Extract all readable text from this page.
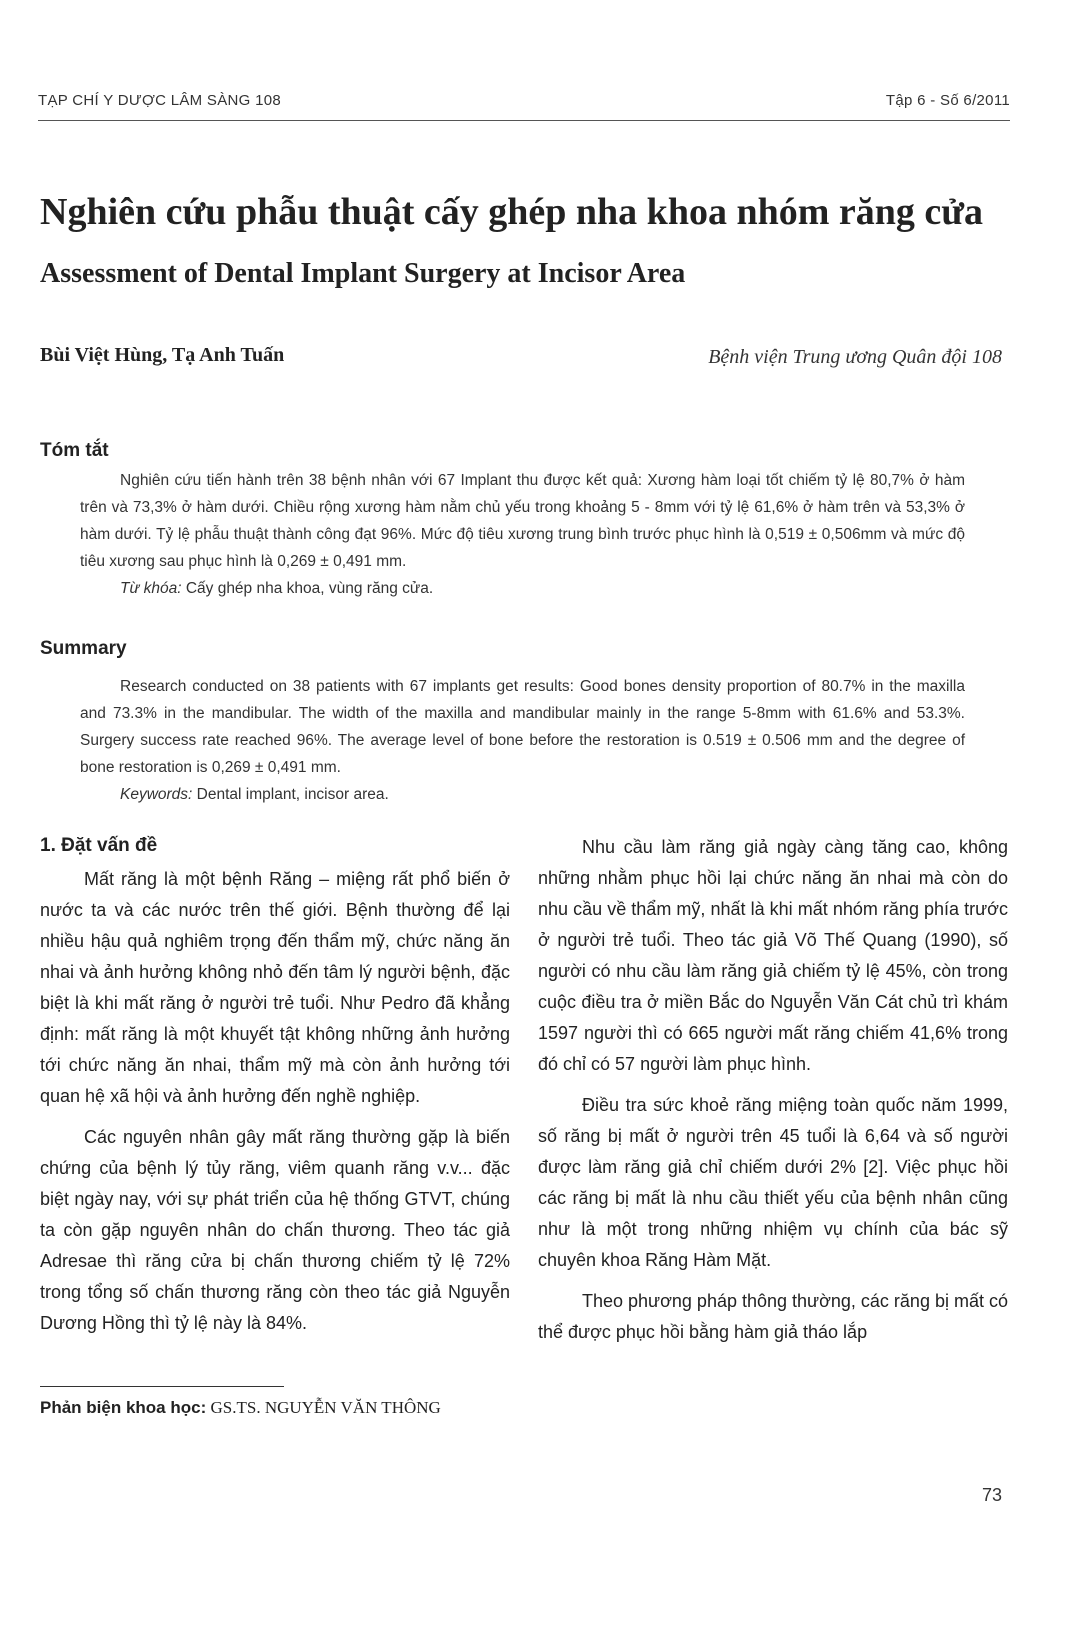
TẠP CHÍ Y DƯỢC LÂM SÀNG 108	Tập 6 - Số 6/2011
Nghiên cứu phẫu thuật cấy ghép nha khoa nhóm răng cửa
Assessment of Dental Implant Surgery at Incisor Area
Bùi Việt Hùng, Tạ Anh Tuấn	Bệnh viện Trung ương Quân đội 108
Tóm tắt

Nghiên cứu tiến hành trên 38 bệnh nhân với 67 Implant thu được kết quả: Xương hàm loại tốt chiếm tỷ lệ 80,7% ở hàm trên và 73,3% ở hàm dưới. Chiều rộng xương hàm nằm chủ yếu trong khoảng 5 - 8mm với tỷ lệ 61,6% ở hàm trên và 53,3% ở hàm dưới. Tỷ lệ phẫu thuật thành công đạt 96%. Mức độ tiêu xương trung bình trước phục hình là 0,519 ± 0,506mm và mức độ tiêu xương sau phục hình là 0,269 ± 0,491 mm.

Từ khóa: Cấy ghép nha khoa, vùng răng cửa.

Summary

Research conducted on 38 patients with 67 implants get results: Good bones density proportion of 80.7% in the maxilla and 73.3% in the mandibular. The width of the maxilla and mandibular mainly in the range 5-8mm with 61.6% and 53.3%. Surgery success rate reached 96%. The average level of bone before the restoration is 0.519 ± 0.506 mm and the degree of bone restoration is 0,269 ± 0,491 mm.

Keywords: Dental implant, incisor area.

1. Đặt vấn đề

Mất răng là một bệnh Răng – miệng rất phổ biến ở nước ta và các nước trên thế giới. Bệnh thường để lại nhiều hậu quả nghiêm trọng đến thẩm mỹ, chức năng ăn nhai và ảnh hưởng không nhỏ đến tâm lý người bệnh, đặc biệt là khi mất răng ở người trẻ tuổi. Như Pedro đã khẳng định: mất răng là một khuyết tật không những ảnh hưởng tới chức năng ăn nhai, thẩm mỹ mà còn ảnh hưởng tới quan hệ xã hội và ảnh hưởng đến nghề nghiệp.

Các nguyên nhân gây mất răng thường gặp là biến chứng của bệnh lý tủy răng, viêm quanh răng v.v... đặc biệt ngày nay, với sự phát triển của hệ thống GTVT, chúng ta còn gặp nguyên nhân do chấn thương. Theo tác giả Adresae thì răng cửa bị chấn thương chiếm tỷ lệ 72% trong tổng số chấn thương răng còn theo tác giả Nguyễn Dương Hồng thì tỷ lệ này là 84%.

Nhu cầu làm răng giả ngày càng tăng cao, không những nhằm phục hồi lại chức năng ăn nhai mà còn do nhu cầu về thẩm mỹ, nhất là khi mất nhóm răng phía trước ở người trẻ tuổi. Theo tác giả Võ Thế Quang (1990), số người có nhu cầu làm răng giả chiếm tỷ lệ 45%, còn trong cuộc điều tra ở miền Bắc do Nguyễn Văn Cát chủ trì khám 1597 người thì có 665 người mất răng chiếm 41,6% trong đó chỉ có 57 người làm phục hình.

Điều tra sức khoẻ răng miệng toàn quốc năm 1999, số răng bị mất ở người trên 45 tuổi là 6,64 và số người được làm răng giả chỉ chiếm dưới 2% [2]. Việc phục hồi các răng bị mất là nhu cầu thiết yếu của bệnh nhân cũng như là một trong những nhiệm vụ chính của bác sỹ chuyên khoa Răng Hàm Mặt.

Theo phương pháp thông thường, các răng bị mất có thể được phục hồi bằng hàm giả tháo lắp

Phản biện khoa học: GS.TS. NGUYỄN VĂN THÔNG
73
